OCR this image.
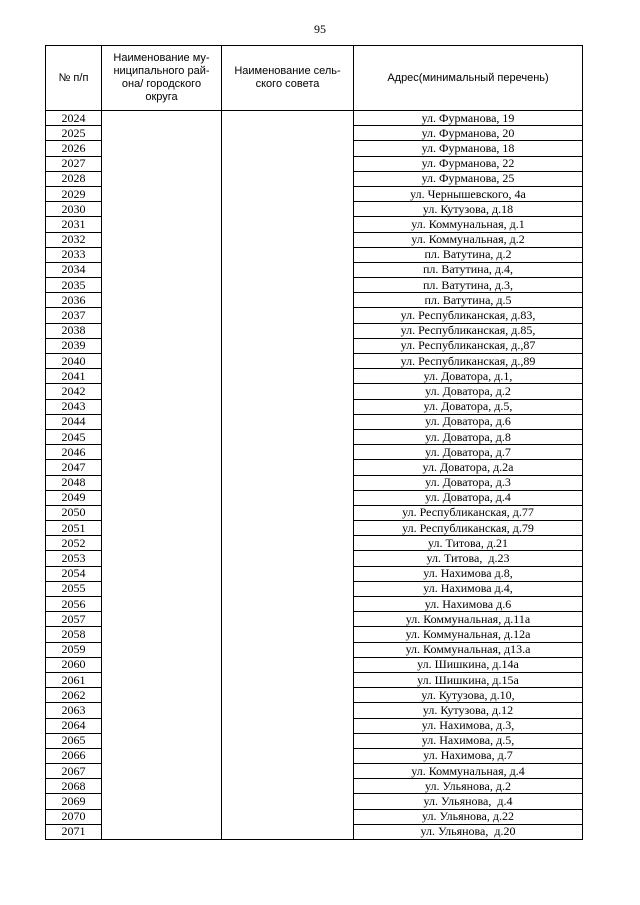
95
№ п/п	Наименование му-
ниципального рай-
она/ городского
округа	Наименование сель-
ского совета	Адрес(минимальный перечень)
2024			ул. Фурманова, 19
2025			ул. Фурманова, 20
2026			ул. Фурманова, 18
2027			ул. Фурманова, 22
2028			ул. Фурманова, 25
2029			ул. Чернышевского, 4а
2030			ул. Кутузова, д.18
2031			ул. Коммунальная, д.1
2032			ул. Коммунальная, д.2
2033			пл. Ватутина, д.2
2034			пл. Ватутина, д.4,
2035			пл. Ватутина, д.3,
2036			пл. Ватутина, д.5
2037			ул. Республиканская, д.83,
2038			ул. Республиканская, д.85,
2039			ул. Республиканская, д.,87
2040			ул. Республиканская, д.,89
2041			ул. Доватора, д.1,
2042			ул. Доватора, д.2
2043			ул. Доватора, д.5,
2044			ул. Доватора, д.6
2045			ул. Доватора, д.8
2046			ул. Доватора, д.7
2047			ул. Доватора, д.2а
2048			ул. Доватора, д.3
2049			ул. Доватора, д.4
2050			ул. Республиканская, д.77
2051			ул. Республиканская, д.79
2052			ул. Титова, д.21
2053			ул. Титова,  д.23
2054			ул. Нахимова д.8,
2055			ул. Нахимова д.4,
2056			ул. Нахимова д.6
2057			ул. Коммунальная, д.11а
2058			ул. Коммунальная, д.12а
2059			ул. Коммунальная, д13.а
2060			ул. Шишкина, д.14а
2061			ул. Шишкина, д.15а
2062			ул. Кутузова, д.10,
2063			ул. Кутузова, д.12
2064			ул. Нахимова, д.3,
2065			ул. Нахимова, д.5,
2066			ул. Нахимова, д.7
2067			ул. Коммунальная, д.4
2068			ул. Ульянова, д.2
2069			ул. Ульянова,  д.4
2070			ул. Ульянова, д.22
2071			ул. Ульянова,  д.20
